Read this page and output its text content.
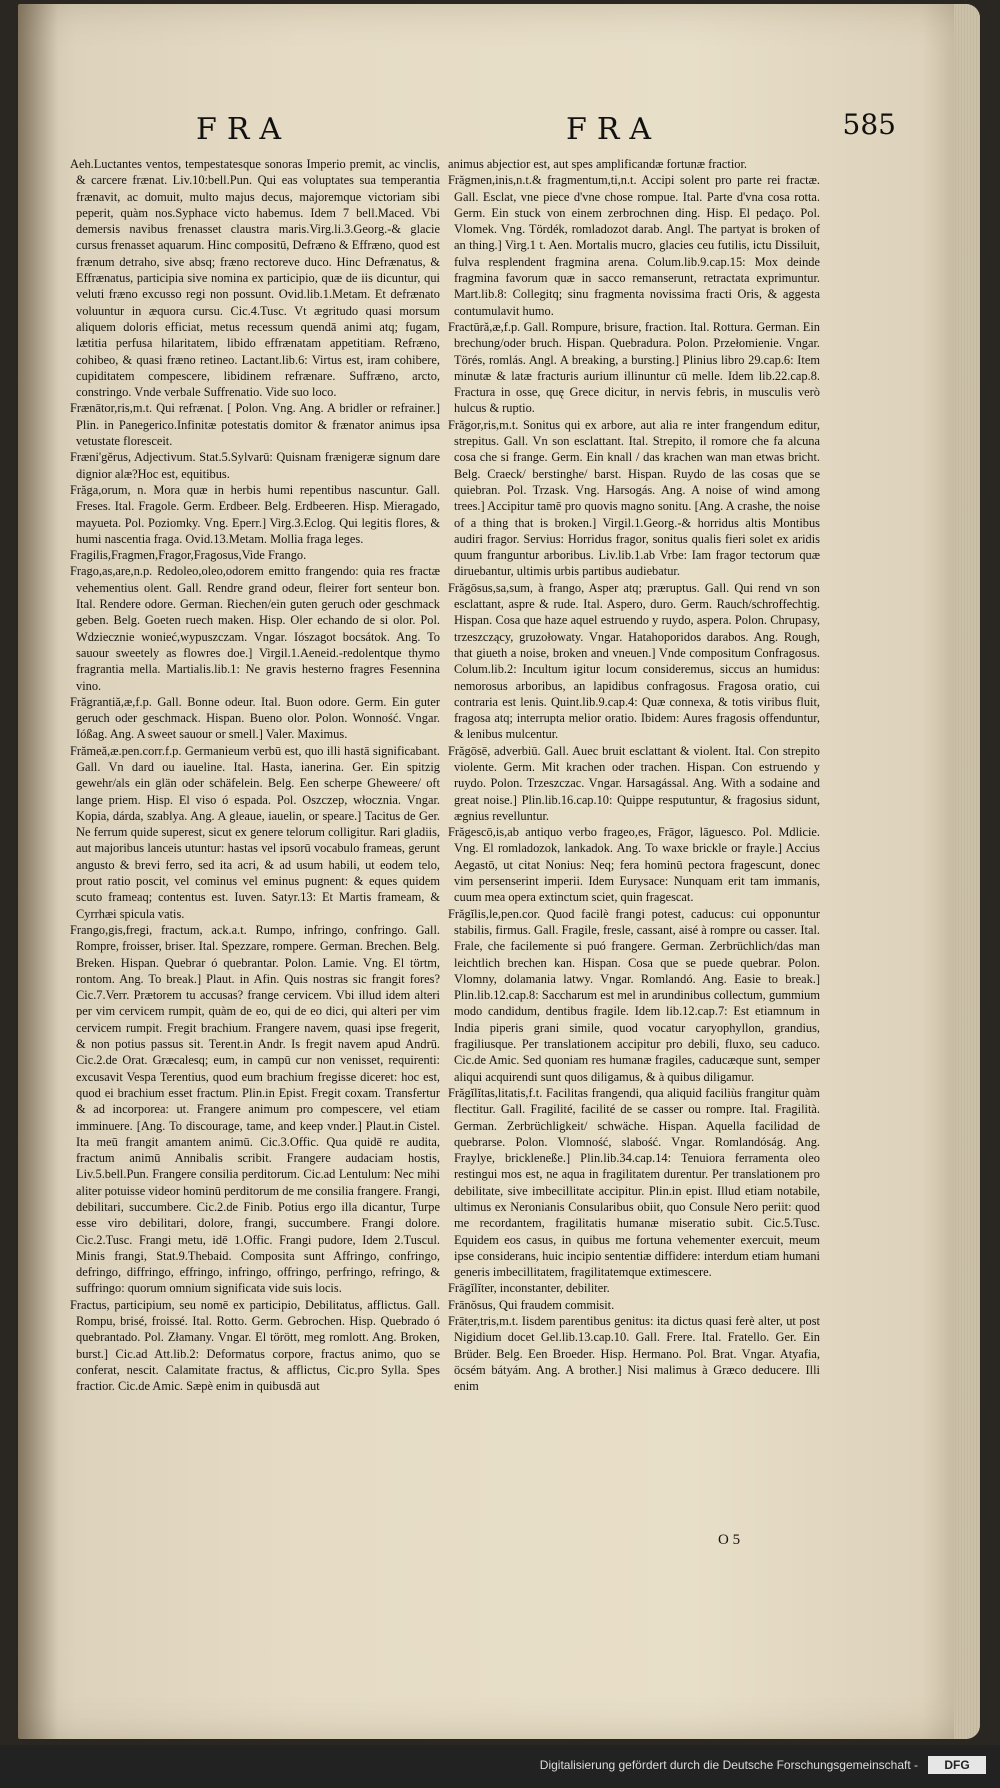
FRA	FRA	585

Aeh.Luctantes ventos, tempestatesque sonoras Imperio premit, ac vinclis, & carcere frænat. Liv.10:bell.Pun. Qui eas voluptates sua temperantia frænavit, ac domuit, multo majus decus, majoremque victoriam sibi peperit, quàm nos.Syphace victo habemus. Idem 7 bell.Maced. Vbi demersis navibus frenasset claustra maris.Virg.li.3.Georg.-& glacie cursus frenasset aquarum. Hinc compositū, Defræno & Effræno, quod est frænum detraho, sive absq; fræno rectoreve duco. Hinc Defrænatus, & Effrænatus, participia sive nomina ex participio, quæ de iis dicuntur, qui veluti fræno excusso regi non possunt. Ovid.lib.1.Metam. Et defrænato voluuntur in æquora cursu. Cic.4.Tusc. Vt ægritudo quasi morsum aliquem doloris efficiat, metus recessum quendā animi atq; fugam, lætitia perfusa hilaritatem, libido effrænatam appetitiam. Refræno, cohibeo, & quasi fræno retineo. Lactant.lib.6: Virtus est, iram cohibere, cupiditatem compescere, libidinem refrænare. Suffræno, arcto, constringo. Vnde verbale Suffrenatio. Vide suo loco.

Frænātor,ris,m.t. Qui refrænat. [ Polon. Vng. Ang. A bridler or refrainer.] Plin. in Panegerico.Infinitæ potestatis domitor & frænator animus ipsa vetustate floresceit.

Fræni'gĕrus, Adjectivum. Stat.5.Sylvarū: Quisnam frænigeræ signum dare dignior alæ?Hoc est, equitibus.

Frăga,orum, n. Mora quæ in herbis humi repentibus nascuntur. Gall. Freses. Ital. Fragole. Germ. Erdbeer. Belg. Erdbeeren. Hisp. Mieragado, mayueta. Pol. Poziomky. Vng. Eperr.] Virg.3.Eclog. Qui legitis flores, & humi nascentia fraga. Ovid.13.Metam. Mollia fraga leges.

Fragilis,Fragmen,Fragor,Fragosus,Vide Frango.

Frago,as,are,n.p. Redoleo,oleo,odorem emitto frangendo: quia res fractæ vehementius olent. Gall. Rendre grand odeur, fleirer fort senteur bon. Ital. Rendere odore. German. Riechen/ein guten geruch oder geschmack geben. Belg. Goeten ruech maken. Hisp. Oler echando de si olor. Pol. Wdziecznie wonieć,wypuszczam. Vngar. Iószagot bocsátok. Ang. To sauour sweetely as flowres doe.] Virgil.1.Aeneid.-redolentque thymo fragrantia mella. Martialis.lib.1: Ne gravis hesterno fragres Fesennina vino.

Frăgrantiă,æ,f.p. Gall. Bonne odeur. Ital. Buon odore. Germ. Ein guter geruch oder geschmack. Hispan. Bueno olor. Polon. Wonność. Vngar. Ióßag. Ang. A sweet sauour or smell.] Valer. Maximus.

Frămeă,æ.pen.corr.f.p. Germanieum verbū est, quo illi hastā significabant. Gall. Vn dard ou iaueline. Ital. Hasta, ianerina. Ger. Ein spitzig gewehr/als ein glän oder schäfelein. Belg. Een scherpe Gheweere/ oft lange priem. Hisp. El viso ó espada. Pol. Oszczep, włocznia. Vngar. Kopia, dárda, szablya. Ang. A gleaue, iauelin, or speare.] Tacitus de Ger. Ne ferrum quide superest, sicut ex genere telorum colligitur. Rari gladiis, aut majoribus lanceis utuntur: hastas vel ipsorū vocabulo frameas, gerunt angusto & brevi ferro, sed ita acri, & ad usum habili, ut eodem telo, prout ratio poscit, vel cominus vel eminus pugnent: & eques quidem scuto frameaq; contentus est. Iuven. Satyr.13: Et Martis frameam, & Cyrrhæi spicula vatis.

Frango,gis,fregi, fractum, ack.a.t. Rumpo, infringo, confringo. Gall. Rompre, froisser, briser. Ital. Spezzare, rompere. German. Brechen. Belg. Breken. Hispan. Quebrar ó quebrantar. Polon. Lamie. Vng. El törtm, rontom. Ang. To break.] Plaut. in Afin. Quis nostras sic frangit fores? Cic.7.Verr. Prætorem tu accusas? frange cervicem. Vbi illud idem alteri per vim cervicem rumpit, quàm de eo, qui de eo dici, qui alteri per vim cervicem rumpit. Fregit brachium. Frangere navem, quasi ipse fregerit, & non potius passus sit. Terent.in Andr. Is fregit navem apud Andrū. Cic.2.de Orat. Græcalesq; eum, in campū cur non venisset, requirenti: excusavit Vespa Terentius, quod eum brachium fregisse diceret: hoc est, quod ei brachium esset fractum. Plin.in Epist. Fregit coxam. Transfertur & ad incorporea: ut. Frangere animum pro compescere, vel etiam imminuere. [Ang. To discourage, tame, and keep vnder.] Plaut.in Cistel. Ita meū frangit amantem animū. Cic.3.Offic. Qua quidē re audita, fractum animū Annibalis scribit. Frangere audaciam hostis, Liv.5.bell.Pun. Frangere consilia perditorum. Cic.ad Lentulum: Nec mihi aliter potuisse videor hominū perditorum de me consilia frangere. Frangi, debilitari, succumbere. Cic.2.de Finib. Potius ergo illa dicantur, Turpe esse viro debilitari, dolore, frangi, succumbere. Frangi dolore. Cic.2.Tusc. Frangi metu, idē 1.Offic. Frangi pudore, Idem 2.Tuscul. Minis frangi, Stat.9.Thebaid. Composita sunt Affringo, confringo, defringo, diffringo, effringo, infringo, offringo, perfringo, refringo, & suffringo: quorum omnium significata vide suis locis.

Fractus, participium, seu nomē ex participio, Debilitatus, afflictus. Gall. Rompu, brisé, froissé. Ital. Rotto. Germ. Gebrochen. Hisp. Quebrado ó quebrantado. Pol. Złamany. Vngar. El törött, meg romlott. Ang. Broken, burst.] Cic.ad Att.lib.2: Deformatus corpore, fractus animo, quo se conferat, nescit. Calamitate fractus, & afflictus, Cic.pro Sylla. Spes fractior. Cic.de Amic. Sæpè enim in quibusdā aut

animus abjectior est, aut spes amplificandæ fortunæ fractior.

Frăgmen,inis,n.t.& fragmentum,ti,n.t. Accipi solent pro parte rei fractæ. Gall. Esclat, vne piece d'vne chose rompue. Ital. Parte d'vna cosa rotta. Germ. Ein stuck von einem zerbrochnen ding. Hisp. El pedaço. Pol. Vlomek. Vng. Tördék, romladozot darab. Angl. The partyat is broken of an thing.] Virg.1 t. Aen. Mortalis mucro, glacies ceu futilis, ictu Dissiluit, fulva resplendent fragmina arena. Colum.lib.9.cap.15: Mox deinde fragmina favorum quæ in sacco remanserunt, retractata exprimuntur. Mart.lib.8: Collegitq; sinu fragmenta novissima fracti Oris, & aggesta contumulavit humo.

Fractūră,æ,f.p. Gall. Rompure, brisure, fraction. Ital. Rottura. German. Ein brechung/oder bruch. Hispan. Quebradura. Polon. Przełomienie. Vngar. Törés, romlás. Angl. A breaking, a bursting.] Plinius libro 29.cap.6: Item minutæ & latæ fracturis aurium illinuntur cū melle. Idem lib.22.cap.8. Fractura in osse, quę Grece dicitur, in nervis febris, in musculis verò hulcus & ruptio.

Frăgor,ris,m.t. Sonitus qui ex arbore, aut alia re inter frangendum editur, strepitus. Gall. Vn son esclattant. Ital. Strepito, il romore che fa alcuna cosa che si frange. Germ. Ein knall / das krachen wan man etwas bricht. Belg. Craeck/ berstinghe/ barst. Hispan. Ruydo de las cosas que se quiebran. Pol. Trzask. Vng. Harsogás. Ang. A noise of wind among trees.] Accipitur tamē pro quovis magno sonitu. [Ang. A crashe, the noise of a thing that is broken.] Virgil.1.Georg.-& horridus altis Montibus audiri fragor. Servius: Horridus fragor, sonitus qualis fieri solet ex aridis quum franguntur arboribus. Liv.lib.1.ab Vrbe: Iam fragor tectorum quæ diruebantur, ultimis urbis partibus audiebatur.

Frăgōsus,sa,sum, à frango, Asper atq; præruptus. Gall. Qui rend vn son esclattant, aspre & rude. Ital. Aspero, duro. Germ. Rauch/schroffechtig. Hispan. Cosa que haze aquel estruendo y ruydo, aspera. Polon. Chrupasy, trzeszczący, gruzołowaty. Vngar. Hatahoporidos darabos. Ang. Rough, that giueth a noise, broken and vneuen.] Vnde compositum Confragosus. Colum.lib.2: Incultum igitur locum consideremus, siccus an humidus: nemorosus arboribus, an lapidibus confragosus. Fragosa oratio, cui contraria est lenis. Quint.lib.9.cap.4: Quæ connexa, & totis viribus fluit, fragosa atq; interrupta melior oratio. Ibidem: Aures fragosis offenduntur, & lenibus mulcentur.

Frăgōsē, adverbiū. Gall. Auec bruit esclattant & violent. Ital. Con strepito violente. Germ. Mit krachen oder trachen. Hispan. Con estruendo y ruydo. Polon. Trzeszczac. Vngar. Harsagással. Ang. With a sodaine and great noise.] Plin.lib.16.cap.10: Quippe resputuntur, & fragosius sidunt, ægnius revelluntur.

Frăgescō,is,ab antiquo verbo frageo,es, Frāgor, lāguesco. Pol. Mdlicie. Vng. El romladozok, lankadok. Ang. To waxe brickle or frayle.] Accius Aegastō, ut citat Nonius: Neq; fera hominū pectora fragescunt, donec vim persenserint imperii. Idem Eurysace: Nunquam erit tam immanis, cuum mea opera extinctum sciet, quin fragescat.

Frăgĭlis,le,pen.cor. Quod facilè frangi potest, caducus: cui opponuntur stabilis, firmus. Gall. Fragile, fresle, cassant, aisé à rompre ou casser. Ital. Frale, che facilemente si puó frangere. German. Zerbrüchlich/das man leichtlich brechen kan. Hispan. Cosa que se puede quebrar. Polon. Vlomny, dolamania latwy. Vngar. Romlandó. Ang. Easie to break.] Plin.lib.12.cap.8: Saccharum est mel in arundinibus collectum, gummium modo candidum, dentibus fragile. Idem lib.12.cap.7: Est etiamnum in India piperis grani simile, quod vocatur caryophyllon, grandius, fragiliusque. Per translationem accipitur pro debili, fluxo, seu caduco. Cic.de Amic. Sed quoniam res humanæ fragiles, caducæque sunt, semper aliqui acquirendi sunt quos diligamus, & à quibus diligamur.

Frăgĭlĭtas,litatis,f.t. Facilitas frangendi, qua aliquid faciliùs frangitur quàm flectitur. Gall. Fragilité, facilité de se casser ou rompre. Ital. Fragilità. German. Zerbrüchligkeit/ schwäche. Hispan. Aquella facilidad de quebrarse. Polon. Vlomność, slabość. Vngar. Romlandóság. Ang. Fraylye, brickleneße.] Plin.lib.34.cap.14: Tenuiora ferramenta oleo restingui mos est, ne aqua in fragilitatem durentur. Per translationem pro debilitate, sive imbecillitate accipitur. Plin.in epist. Illud etiam notabile, ultimus ex Neronianis Consularibus obiit, quo Consule Nero periit: quod me recordantem, fragilitatis humanæ miseratio subit. Cic.5.Tusc. Equidem eos casus, in quibus me fortuna vehementer exercuit, meum ipse considerans, huic incipio sententiæ diffidere: interdum etiam humani generis imbecillitatem, fragilitatemque extimescere.

Frāgĭlĭter, inconstanter, debiliter.

Frānŏsus, Qui fraudem commisit.

Frāter,tris,m.t. Iisdem parentibus genitus: ita dictus quasi ferè alter, ut post Nigidium docet Gel.lib.13.cap.10. Gall. Frere. Ital. Fratello. Ger. Ein Brüder. Belg. Een Broeder. Hisp. Hermano. Pol. Brat. Vngar. Atyafia, öcsém bátyám. Ang. A brother.] Nisi malimus à Græco deducere. Illi enim

O 5
Digitalisierung gefördert durch die Deutsche Forschungsgemeinschaft -	DFG
